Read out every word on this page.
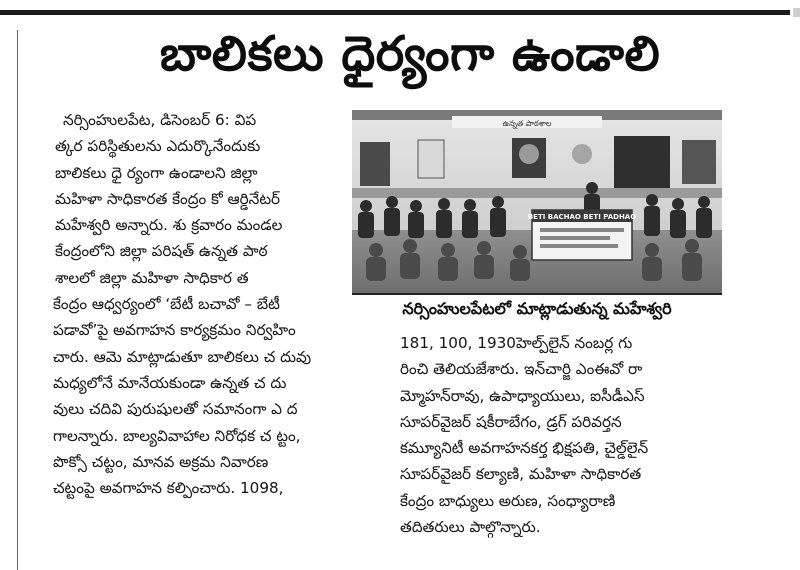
బాలికలు ధైర్యంగా ఉండాలి
నర్సింహులపేట, డిసెంబర్ 6: విప
త్కర పరిస్థితులను ఎదుర్కొనేందుకు
బాలికలు ధై ర్యంగా ఉండాలని జిల్లా
మహిళా సాధికారత కేంద్రం కో ఆర్డినేటర్
మహేశ్వరి అన్నారు. శు క్రవారం మండల
కేంద్రంలోని జిల్లా పరిషత్ ఉన్నత పాఠ
శాలలో జిల్లా మహిళా సాధికార త
కేంద్రం ఆధ్వర్యంలో ‘బేటీ బచావో – బేటీ
పడావో’పై అవగాహన కార్యక్రమం నిర్వహిం
చారు. ఆమె మాట్లాడుతూ బాలికలు చ దువు
మధ్యలోనే మానేయకుండా ఉన్నత చ దు
వులు చదివి పురుషులతో సమానంగా ఎ ద
గాలన్నారు. బాల్యవివాహాల నిరోధక చ ట్టం,
పొక్సో చట్టం, మానవ అక్రమ నివారణ
చట్టంపై అవగాహన కల్పించారు. 1098,
ఉన్నత పాఠశాల
BETI BACHAO BETI PADHAO
నర్సింహులపేటలో మాట్లాడుతున్న మహేశ్వరి
181, 100, 1930హెల్ప్‌లైన్ నంబర్ల గు
రించి తెలియజేశారు. ఇన్‌చార్జి ఎంఈవో రా
మ్మోహన్‌రావు, ఉపాధ్యాయులు, ఐసీడీఎస్
సూపర్‌వైజర్ షకీరాబేగం, డ్రగ్ పరివర్తన
కమ్యూనిటీ అవగాహనకర్త భిక్షపతి, చైల్డ్‌లైన్
సూపర్‌వైజర్ కల్యాణి, మహిళా సాధికారత
కేంద్రం బాధ్యులు అరుణ, సంధ్యారాణి
తదితరులు పాల్గొన్నారు.
